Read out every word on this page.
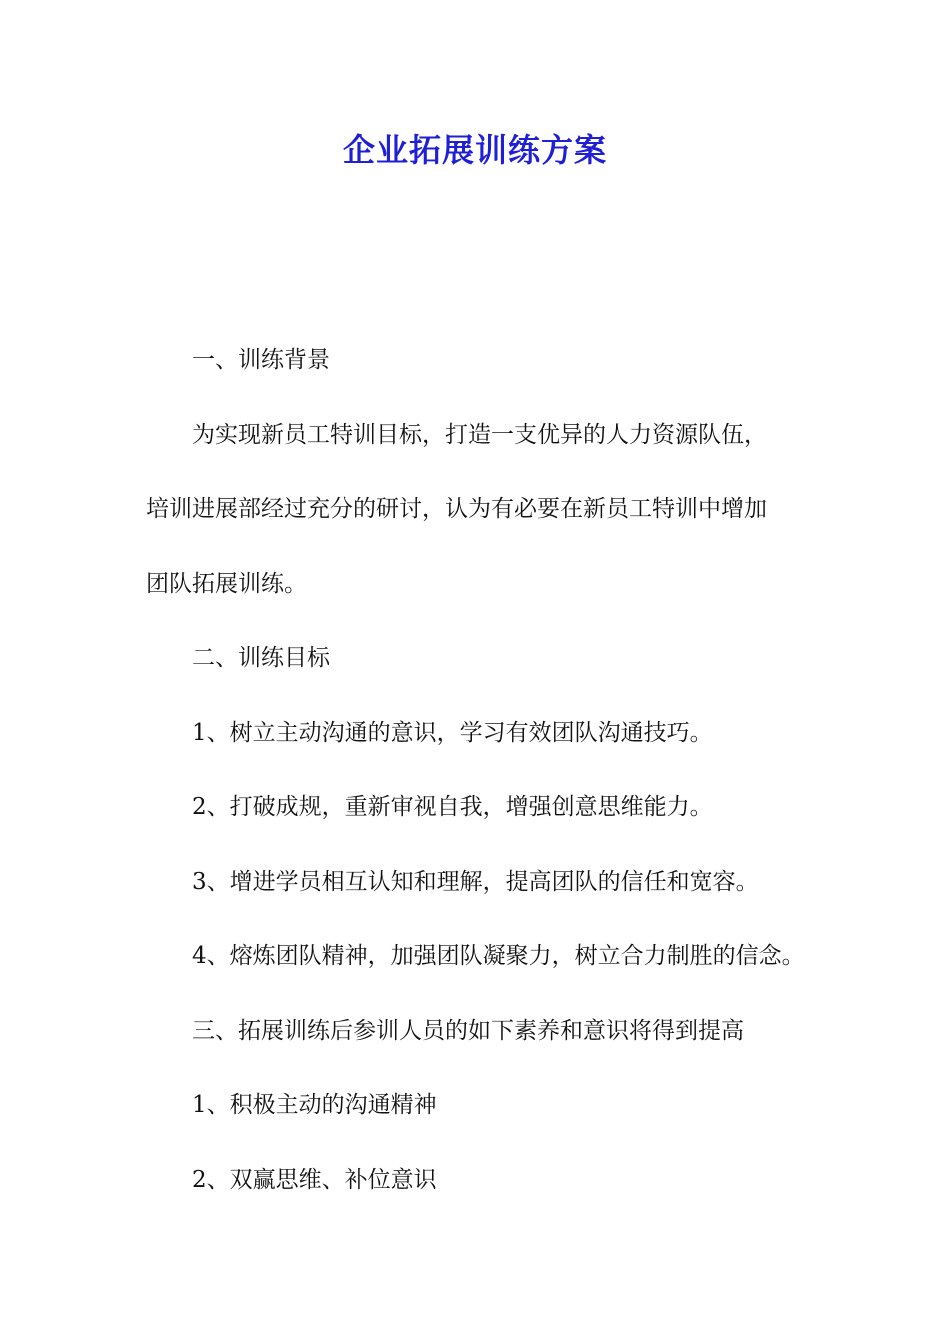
企业拓展训练方案

一、训练背景

为实现新员工特训目标，打造一支优异的人力资源队伍，

培训进展部经过充分的研讨，认为有必要在新员工特训中增加

团队拓展训练。

二、训练目标

1、树立主动沟通的意识，学习有效团队沟通技巧。

2、打破成规，重新审视自我，增强创意思维能力。

3、增进学员相互认知和理解，提高团队的信任和宽容。

4、熔炼团队精神，加强团队凝聚力，树立合力制胜的信念。

三、拓展训练后参训人员的如下素养和意识将得到提高

1、积极主动的沟通精神

2、双赢思维、补位意识
